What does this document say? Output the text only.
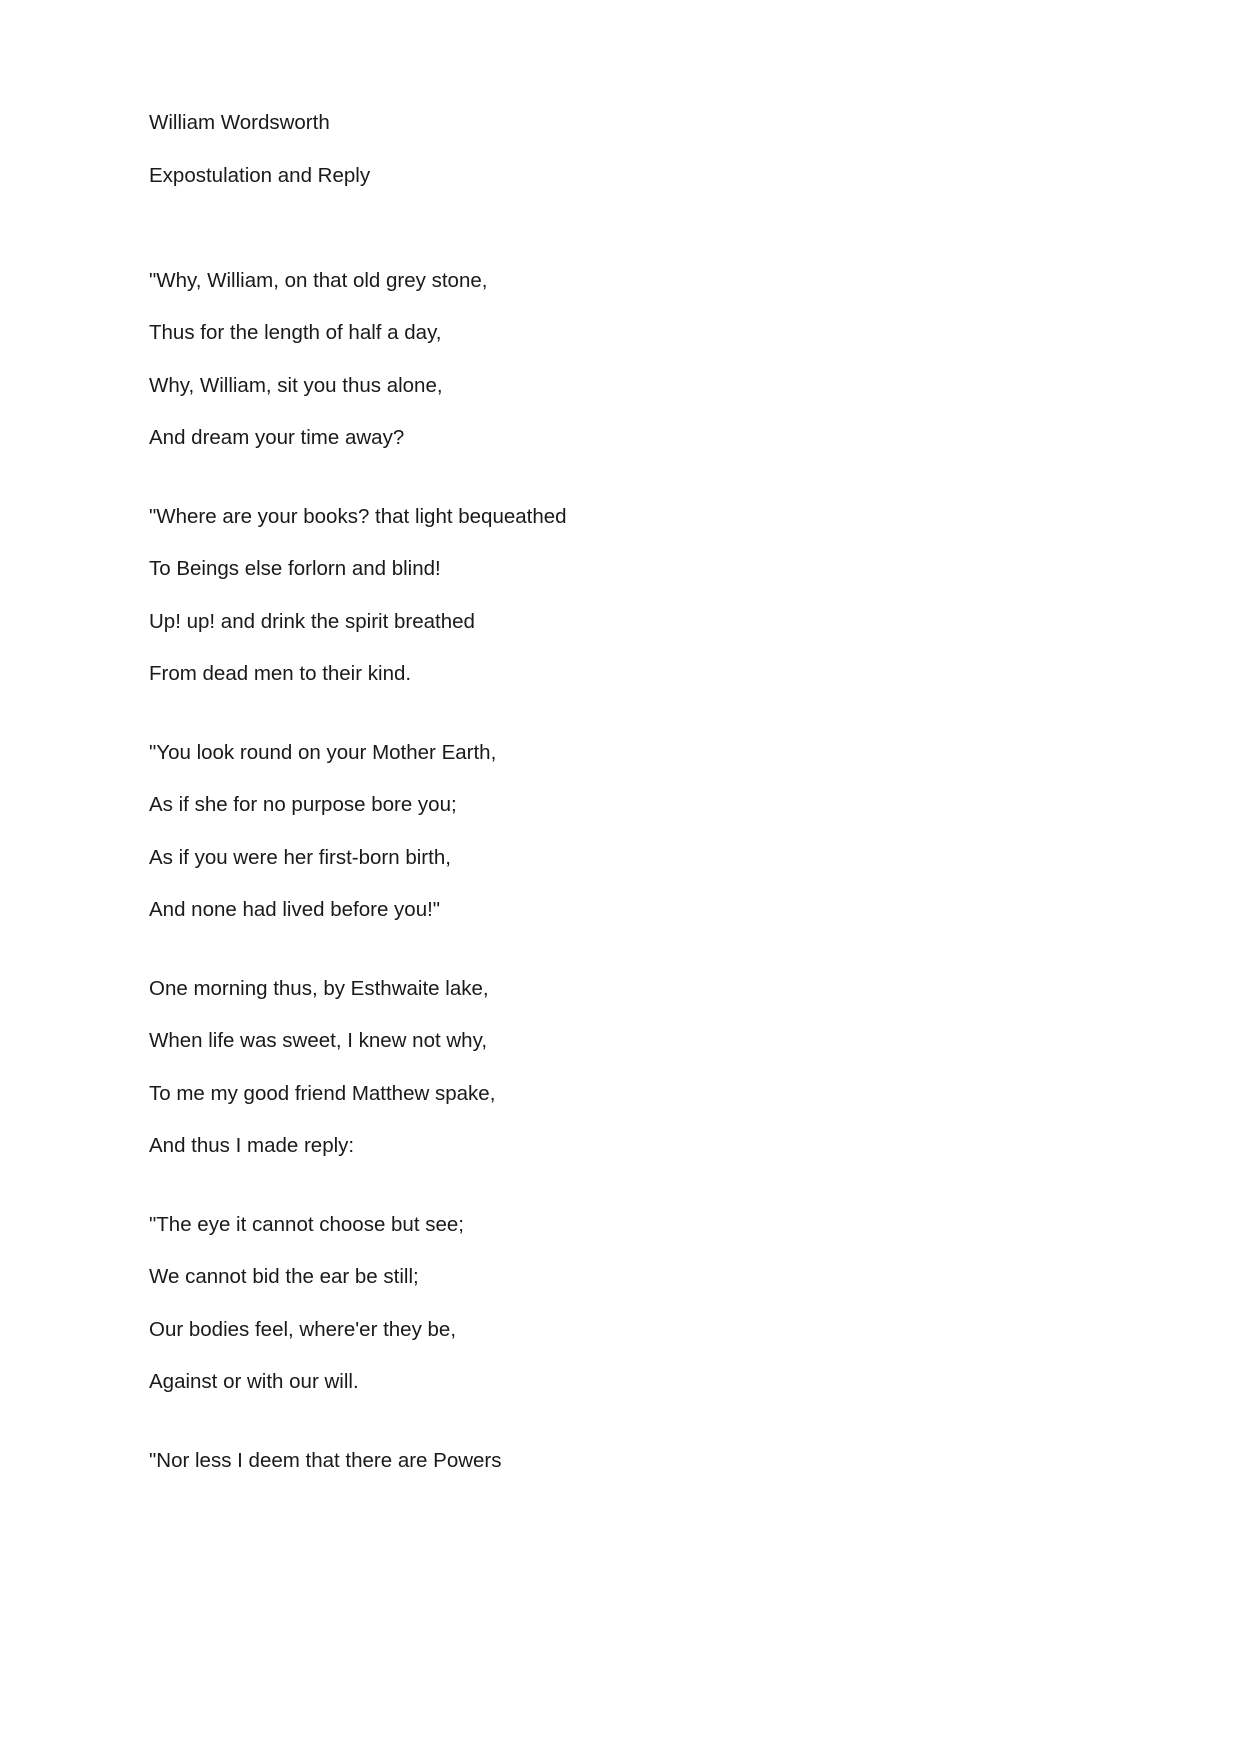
William Wordsworth
Expostulation and Reply
"Why, William, on that old grey stone,
Thus for the length of half a day,
Why, William, sit you thus alone,
And dream your time away?
"Where are your books? that light bequeathed
To Beings else forlorn and blind!
Up! up! and drink the spirit breathed
From dead men to their kind.
"You look round on your Mother Earth,
As if she for no purpose bore you;
As if you were her first-born birth,
And none had lived before you!"
One morning thus, by Esthwaite lake,
When life was sweet, I knew not why,
To me my good friend Matthew spake,
And thus I made reply:
"The eye it cannot choose but see;
We cannot bid the ear be still;
Our bodies feel, where'er they be,
Against or with our will.
"Nor less I deem that there are Powers
